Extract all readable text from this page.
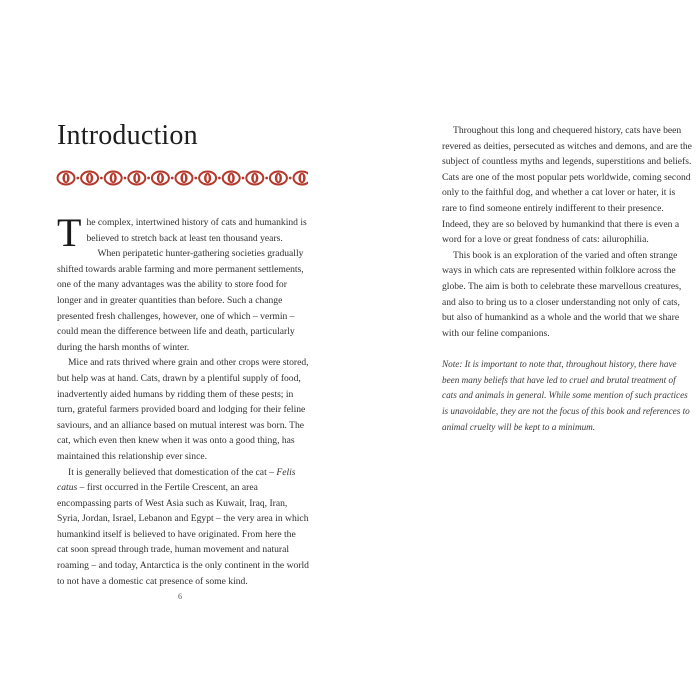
Introduction

The complex, intertwined history of cats and humankind is believed to stretch back at least ten thousand years.

When peripatetic hunter-gathering societies gradually shifted towards arable farming and more permanent settlements, one of the many advantages was the ability to store food for longer and in greater quantities than before. Such a change presented fresh challenges, however, one of which – vermin – could mean the difference between life and death, particularly during the harsh months of winter.

Mice and rats thrived where grain and other crops were stored, but help was at hand. Cats, drawn by a plentiful supply of food, inadvertently aided humans by ridding them of these pests; in turn, grateful farmers provided board and lodging for their feline saviours, and an alliance based on mutual interest was born. The cat, which even then knew when it was onto a good thing, has maintained this relationship ever since.

It is generally believed that domestication of the cat – Felis catus – first occurred in the Fertile Crescent, an area encompassing parts of West Asia such as Kuwait, Iraq, Iran, Syria, Jordan, Israel, Lebanon and Egypt – the very area in which humankind itself is believed to have originated. From here the cat soon spread through trade, human movement and natural roaming – and today, Antarctica is the only continent in the world to not have a domestic cat presence of some kind.

Throughout this long and chequered history, cats have been revered as deities, persecuted as witches and demons, and are the subject of countless myths and legends, superstitions and beliefs. Cats are one of the most popular pets worldwide, coming second only to the faithful dog, and whether a cat lover or hater, it is rare to find someone entirely indifferent to their presence. Indeed, they are so beloved by humankind that there is even a word for a love or great fondness of cats: ailurophilia.

This book is an exploration of the varied and often strange ways in which cats are represented within folklore across the globe. The aim is both to celebrate these marvellous creatures, and also to bring us to a closer understanding not only of cats, but also of humankind as a whole and the world that we share with our feline companions.

Note: It is important to note that, throughout history, there have been many beliefs that have led to cruel and brutal treatment of cats and animals in general. While some mention of such practices is unavoidable, they are not the focus of this book and references to animal cruelty will be kept to a minimum.

6
